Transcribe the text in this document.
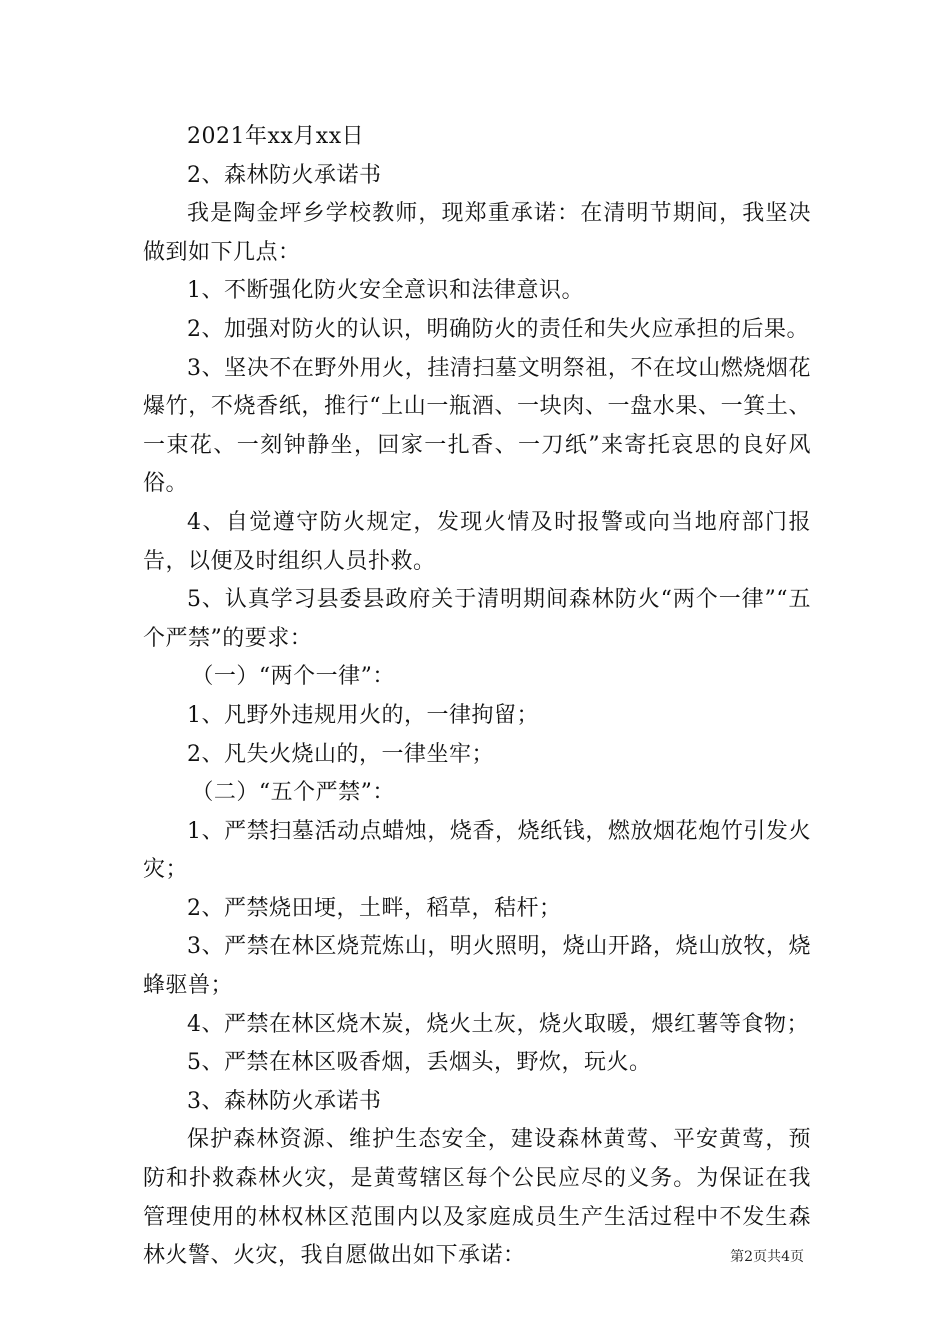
2021年xx月xx日

2、森林防火承诺书

我是陶金坪乡学校教师，现郑重承诺：在清明节期间，我坚决做到如下几点：

1、不断强化防火安全意识和法律意识。

2、加强对防火的认识，明确防火的责任和失火应承担的后果。

3、坚决不在野外用火，挂清扫墓文明祭祖，不在坟山燃烧烟花爆竹，不烧香纸，推行“上山一瓶酒、一块肉、一盘水果、一箕土、一束花、一刻钟静坐，回家一扎香、一刀纸”来寄托哀思的良好风俗。

4、自觉遵守防火规定，发现火情及时报警或向当地府部门报告，以便及时组织人员扑救。

5、认真学习县委县政府关于清明期间森林防火“两个一律”“五个严禁”的要求：

（一）“两个一律”：

1、凡野外违规用火的，一律拘留；

2、凡失火烧山的，一律坐牢；

（二）“五个严禁”：

1、严禁扫墓活动点蜡烛，烧香，烧纸钱，燃放烟花炮竹引发火灾；

2、严禁烧田埂，土畔，稻草，秸杆；

3、严禁在林区烧荒炼山，明火照明，烧山开路，烧山放牧，烧蜂驱兽；

4、严禁在林区烧木炭，烧火土灰，烧火取暖，煨红薯等食物；

5、严禁在林区吸香烟，丢烟头，野炊，玩火。

3、森林防火承诺书

保护森林资源、维护生态安全，建设森林黄莺、平安黄莺，预防和扑救森林火灾，是黄莺辖区每个公民应尽的义务。为保证在我管理使用的林权林区范围内以及家庭成员生产生活过程中不发生森林火警、火灾，我自愿做出如下承诺：	第2页共4页
